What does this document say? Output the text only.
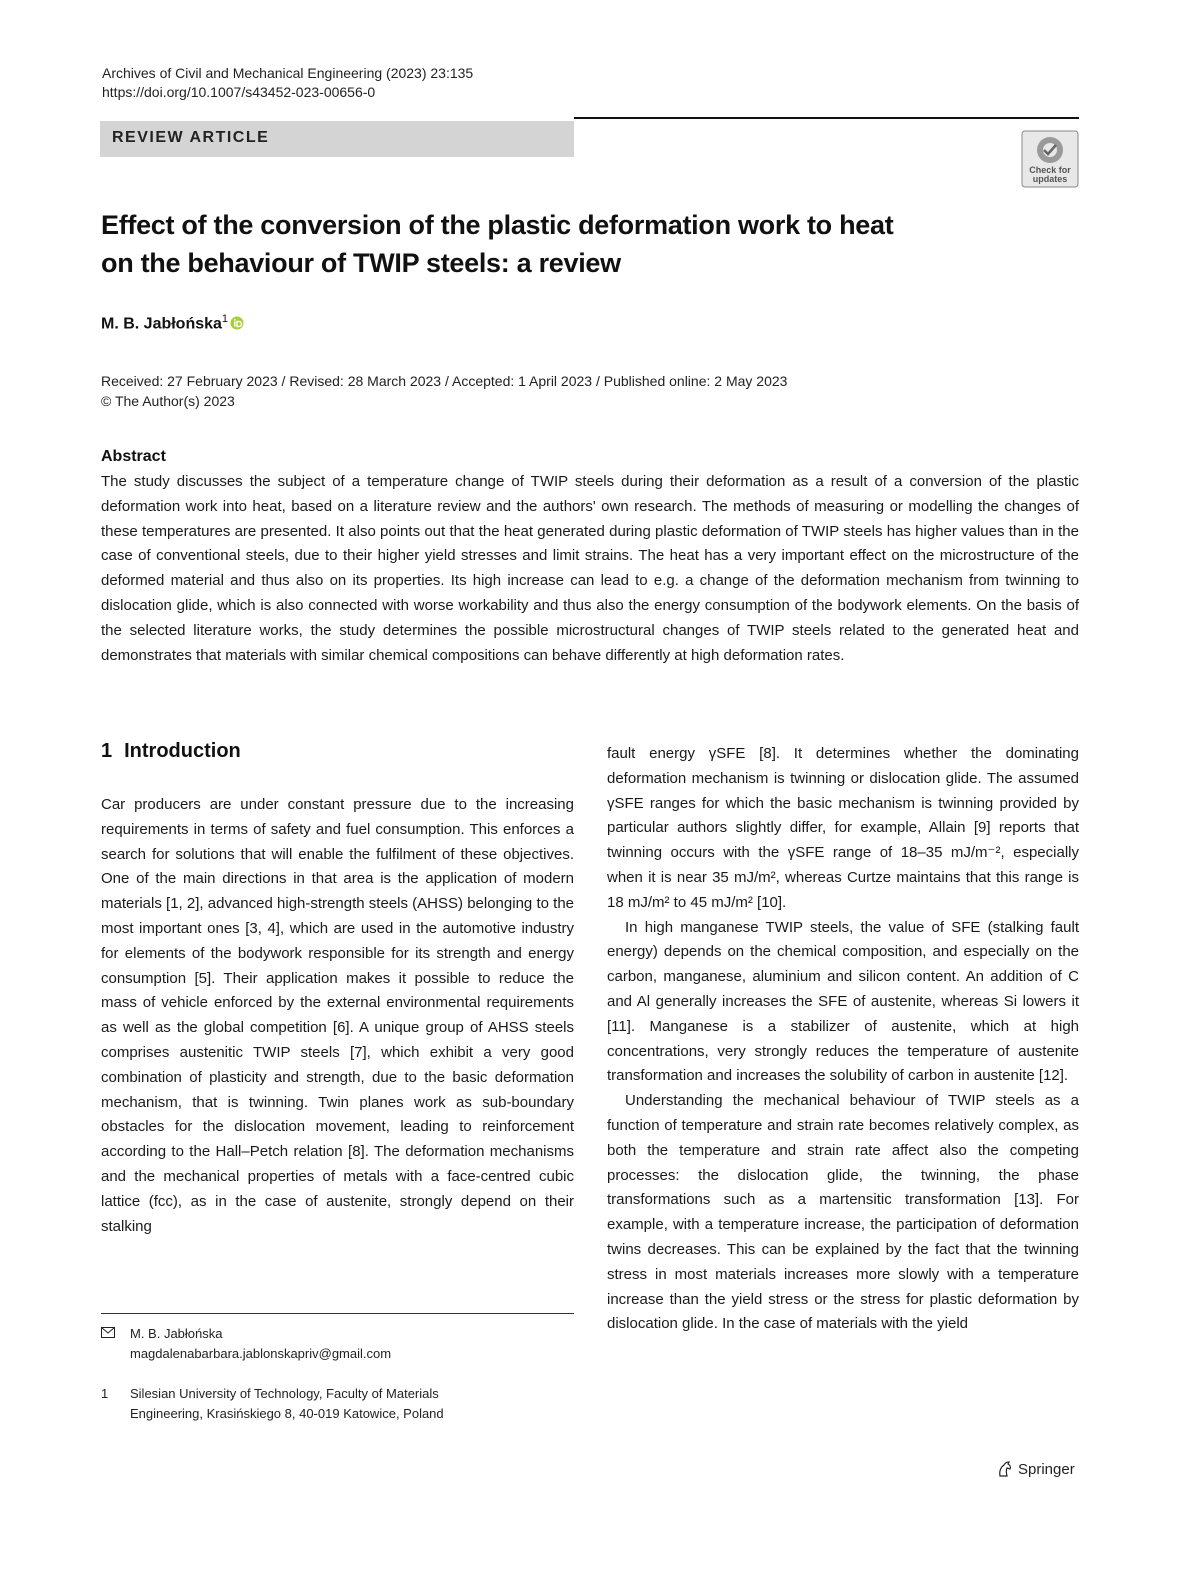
Archives of Civil and Mechanical Engineering (2023) 23:135
https://doi.org/10.1007/s43452-023-00656-0
REVIEW ARTICLE
Check for
updates
Effect of the conversion of the plastic deformation work to heat
on the behaviour of TWIP steels: a review
M. B. Jabłońska$^1$
Received: 27 February 2023 / Revised: 28 March 2023 / Accepted: 1 April 2023 / Published online: 2 May 2023
© The Author(s) 2023
Abstract
The study discusses the subject of a temperature change of TWIP steels during their deformation as a result of a conversion of the plastic deformation work into heat, based on a literature review and the authors' own research. The methods of measuring or modelling the changes of these temperatures are presented. It also points out that the heat generated during plastic deformation of TWIP steels has higher values than in the case of conventional steels, due to their higher yield stresses and limit strains. The heat has a very important effect on the microstructure of the deformed material and thus also on its properties. Its high increase can lead to e.g. a change of the deformation mechanism from twinning to dislocation glide, which is also connected with worse workability and thus also the energy consumption of the bodywork elements. On the basis of the selected literature works, the study determines the possible microstructural changes of TWIP steels related to the generated heat and demonstrates that materials with similar chemical compositions can behave differently at high deformation rates.
1 Introduction

Car producers are under constant pressure due to the increasing requirements in terms of safety and fuel consumption. This enforces a search for solutions that will enable the fulfilment of these objectives. One of the main directions in that area is the application of modern materials [1, 2], advanced high-strength steels (AHSS) belonging to the most important ones [3, 4], which are used in the automotive industry for elements of the bodywork responsible for its strength and energy consumption [5]. Their application makes it possible to reduce the mass of vehicle enforced by the external environmental requirements as well as the global competition [6]. A unique group of AHSS steels comprises austenitic TWIP steels [7], which exhibit a very good combination of plasticity and strength, due to the basic deformation mechanism, that is twinning. Twin planes work as sub-boundary obstacles for the dislocation movement, leading to reinforcement according to the Hall–Petch relation [8]. The deformation mechanisms and the mechanical properties of metals with a face-centred cubic lattice (fcc), as in the case of austenite, strongly depend on their stalking

fault energy γSFE [8]. It determines whether the dominating deformation mechanism is twinning or dislocation glide. The assumed γSFE ranges for which the basic mechanism is twinning provided by particular authors slightly differ, for example, Allain [9] reports that twinning occurs with the γSFE range of 18–35 mJ/m⁻², especially when it is near 35 mJ/m², whereas Curtze maintains that this range is 18 mJ/m² to 45 mJ/m² [10].

In high manganese TWIP steels, the value of SFE (stalking fault energy) depends on the chemical composition, and especially on the carbon, manganese, aluminium and silicon content. An addition of C and Al generally increases the SFE of austenite, whereas Si lowers it [11]. Manganese is a stabilizer of austenite, which at high concentrations, very strongly reduces the temperature of austenite transformation and increases the solubility of carbon in austenite [12].

Understanding the mechanical behaviour of TWIP steels as a function of temperature and strain rate becomes relatively complex, as both the temperature and strain rate affect also the competing processes: the dislocation glide, the twinning, the phase transformations such as a martensitic transformation [13]. For example, with a temperature increase, the participation of deformation twins decreases. This can be explained by the fact that the twinning stress in most materials increases more slowly with a temperature increase than the yield stress or the stress for plastic deformation by dislocation glide. In the case of materials with the yield

M. B. Jabłońska
magdalenabarbara.jablonskapriv@gmail.com
1	Silesian University of Technology, Faculty of Materials
Engineering, Krasińskiego 8, 40-019 Katowice, Poland
Springer
